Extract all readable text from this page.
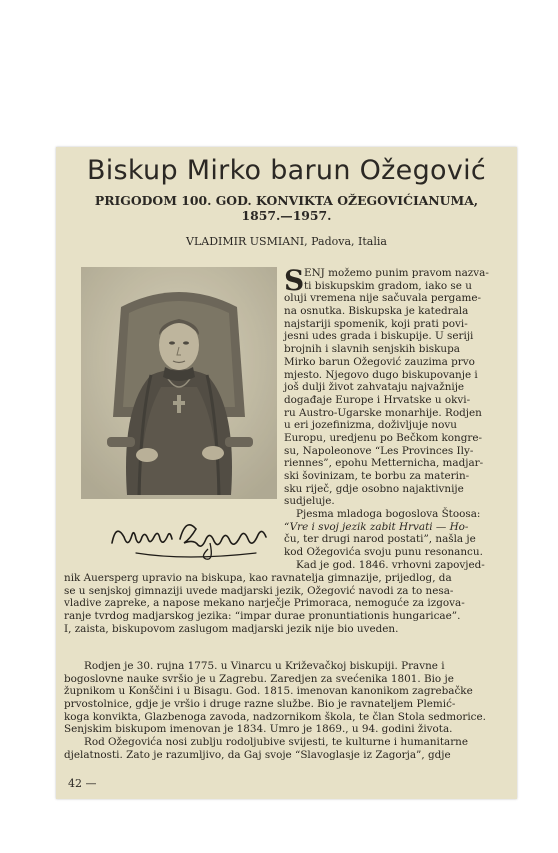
Biskup Mirko barun Ožegović
PRIGODOM 100. GOD. KONVIKTA OŽEGOVIĆIANUMA,
1857.—1957.
VLADIMIR USMIANI, Padova, Italia
S ENJ možemo punim pravom nazva-
ti biskupskim gradom, iako se u
oluji vremena nije sačuvala pergame-
na osnutka. Biskupska je katedrala
najstariji spomenik, koji prati povi-
jesni udes grada i biskupije. U seriji
brojnih i slavnih senjskih biskupa
Mirko barun Ožegović zauzima prvo
mjesto. Njegovo dugo biskupovanje i
još dulji život zahvataju najvažnije
događaje Europe i Hrvatske u okvi-
ru Austro-Ugarske monarhije. Rodjen
u eri jozefinizma, doživljuje novu
Europu, uredjenu po Bečkom kongre-
su, Napoleonove “Les Provinces Ily-
riennes”, epohu Metternicha, madjar-
ski šovinizam, te borbu za materin-
sku riječ, gdje osobno najaktivnije
sudjeluje.
Pjesma mladoga bogoslova Štoosa:
“Vre i svoj jezik zabit Hrvati — Ho-
ču, ter drugi narod postati”, našla je
kod Ožegovića svoju punu resonancu.
Kad je god. 1846. vrhovni zapovjed-
nik Auersperg upravio na biskupa, kao ravnatelja gimnazije, prijedlog, da
se u senjskoj gimnaziji uvede madjarski jezik, Ožegović navodi za to nesa-
vladive zapreke, a napose mekano narječje Primoraca, nemoguće za izgova-
ranje tvrdog madjarskog jezika: “impar durae pronuntiationis hungaricae”.
I, zaista, biskupovom zaslugom madjarski jezik nije bio uveden.
Rodjen je 30. rujna 1775. u Vinarcu u Križevačkoj biskupiji. Pravne i
bogoslovne nauke svršio je u Zagrebu. Zaredjen za svećenika 1801. Bio je
župnikom u Konščini i u Bisagu. God. 1815. imenovan kanonikom zagrebačke
prvostolnice, gdje je vršio i druge razne službe. Bio je ravnateljem Plemić-
koga konvikta, Glazbenoga zavoda, nadzornikom škola, te član Stola sedmorice.
Senjskim biskupom imenovan je 1834. Umro je 1869., u 94. godini života.
Rod Ožegovića nosi zublju rodoljubive svijesti, te kulturne i humanitarne
djelatnosti. Zato je razumljivo, da Gaj svoje “Slavoglasje iz Zagorja”, gdje
42 —
